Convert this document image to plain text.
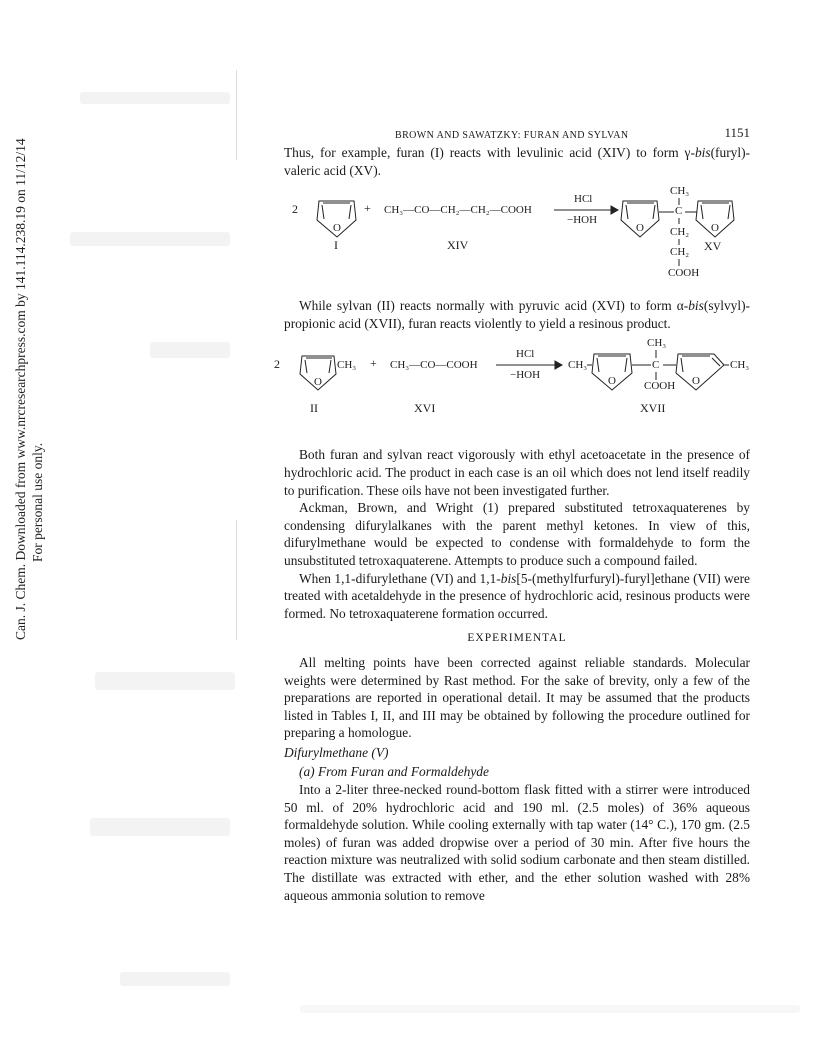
Can. J. Chem. Downloaded from www.nrcresearchpress.com by 141.114.238.19 on 11/12/14 For personal use only.
BROWN AND SAWATZKY: FURAN AND SYLVAN	1151

Thus, for example, furan (I) reacts with levulinic acid (XIV) to form γ-bis(furyl)-valeric acid (XV).

2
O
+ CH₃—CO—CH₂—CH₂—COOH
HCl
−HOH
O
CH₃
C
O
CH₂
CH₂
COOH
I	XIV	XV

While sylvan (II) reacts normally with pyruvic acid (XVI) to form α-bis(sylvyl)-propionic acid (XVII), furan reacts violently to yield a resinous product.

2	CH₃
O
+ CH₃—CO—COOH
HCl
−HOH
CH₃
O
CH₃
C
COOH O
CH₃
II	XVI	XVII

Both furan and sylvan react vigorously with ethyl acetoacetate in the presence of hydrochloric acid. The product in each case is an oil which does not lend itself readily to purification. These oils have not been investigated further.

Ackman, Brown, and Wright (1) prepared substituted tetroxaquaterenes by condensing difurylalkanes with the parent methyl ketones. In view of this, difurylmethane would be expected to condense with formaldehyde to form the unsubstituted tetroxaquaterene. Attempts to produce such a compound failed.

When 1,1-difurylethane (VI) and 1,1-bis[5-(methylfurfuryl)-furyl]ethane (VII) were treated with acetaldehyde in the presence of hydrochloric acid, resinous products were formed. No tetroxaquaterene formation occurred.

EXPERIMENTAL

All melting points have been corrected against reliable standards. Molecular weights were determined by Rast method. For the sake of brevity, only a few of the preparations are reported in operational detail. It may be assumed that the products listed in Tables I, II, and III may be obtained by following the procedure outlined for preparing a homologue.

Difurylmethane (V)

(a) From Furan and Formaldehyde

Into a 2-liter three-necked round-bottom flask fitted with a stirrer were introduced 50 ml. of 20% hydrochloric acid and 190 ml. (2.5 moles) of 36% aqueous formaldehyde solution. While cooling externally with tap water (14° C.), 170 gm. (2.5 moles) of furan was added dropwise over a period of 30 min. After five hours the reaction mixture was neutralized with solid sodium carbonate and then steam distilled. The distillate was extracted with ether, and the ether solution washed with 28% aqueous ammonia solution to remove
